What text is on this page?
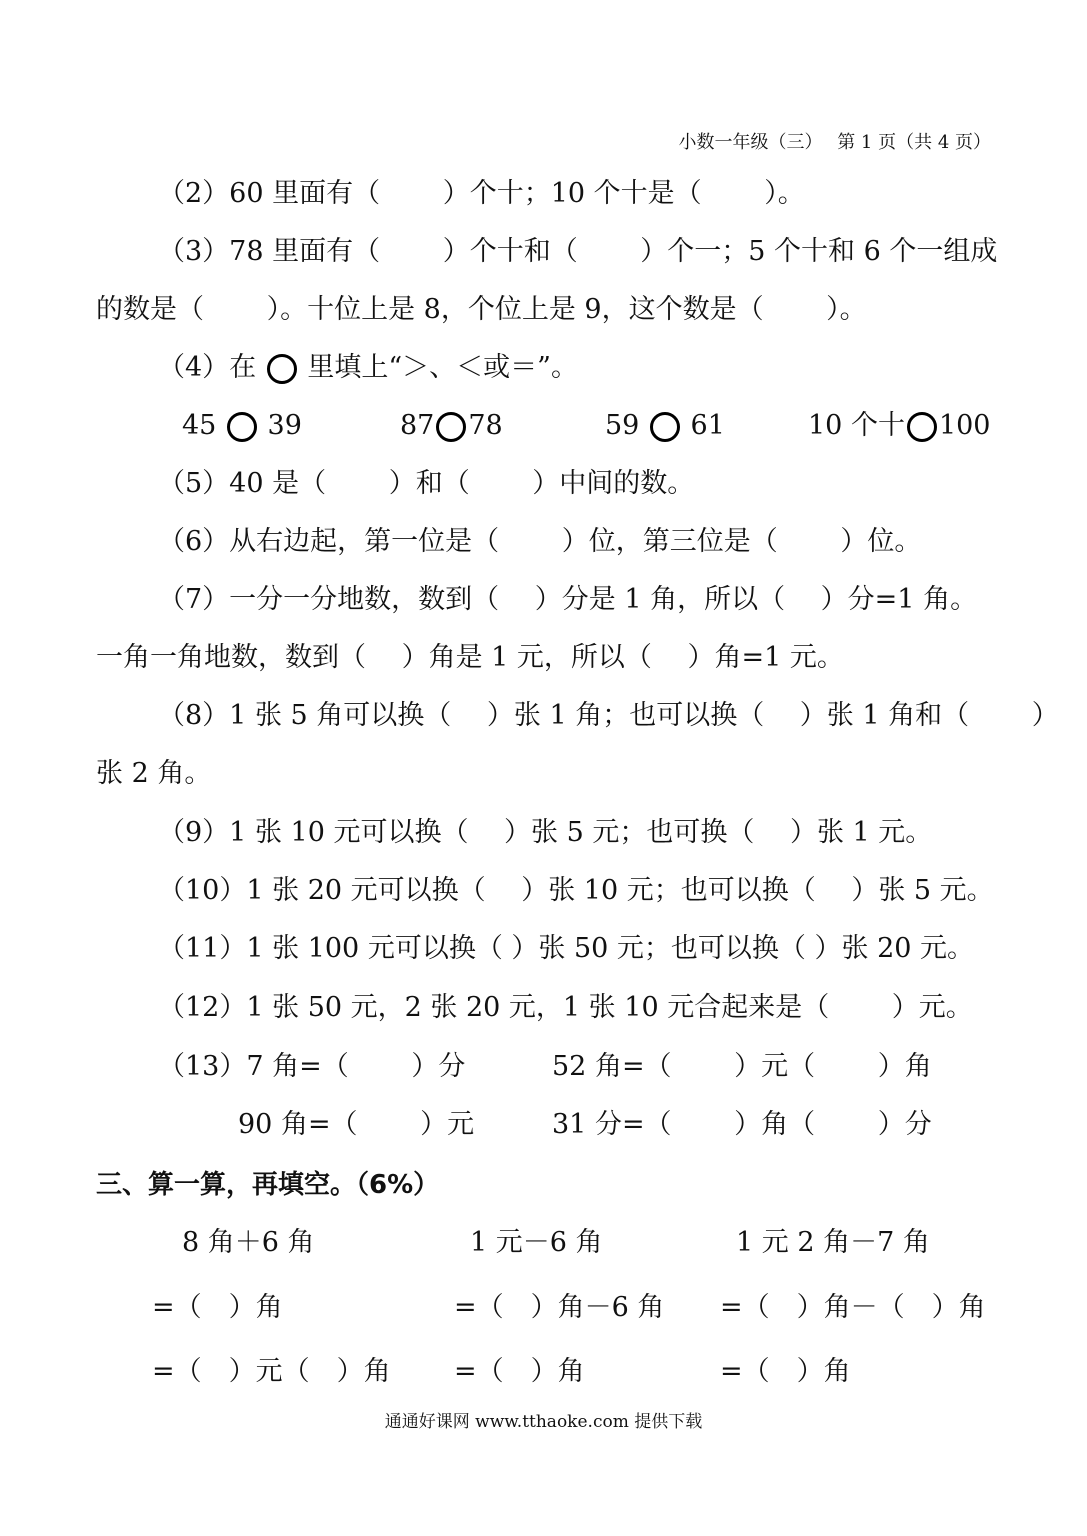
小数一年级（三）　 第 1 页（共 4 页）
（2）60 里面有（　　 ）个十；10 个十是（　　 ）。
（3）78 里面有（　　 ）个十和（　　 ）个一；5 个十和 6 个一组成
的数是（　　 ）。十位上是 8，个位上是 9，这个数是（　　 ）。
（4）在  里填上“＞、＜或＝”。
45 39	87 78	59 61	10 个十 100
（5）40 是（　　 ）和（　　 ）中间的数。
（6）从右边起，第一位是（　　 ）位，第三位是（　　 ）位。
（7）一分一分地数，数到（　 ）分是 1 角，所以（　 ）分=1 角。
一角一角地数，数到（　 ）角是 1 元，所以（　 ）角=1 元。
（8）1 张 5 角可以换（　 ）张 1 角；也可以换（　 ）张 1 角和（　　 ）
张 2 角。
（9）1 张 10 元可以换（　 ）张 5 元；也可换（　 ）张 1 元。
（10）1 张 20 元可以换（　 ）张 10 元；也可以换（　 ）张 5 元。
（11）1 张 100 元可以换（ ）张 50 元；也可以换（ ）张 20 元。
（12）1 张 50 元，2 张 20 元，1 张 10 元合起来是（　　 ）元。
（13）7 角=（　　 ）分	52 角=（　　 ）元（　　 ）角
90 角=（　　 ）元	31 分=（　　 ）角（　　 ）分
三、算一算，再填空。（6%）
8 角＋6 角	1 元－6 角	1 元 2 角－7 角
=（　）角	=（　）角－6 角 =（　）角－（　）角
=（　）元（　）角 =（　）角	=（　）角
通通好课网 www.tthaoke.com 提供下载
